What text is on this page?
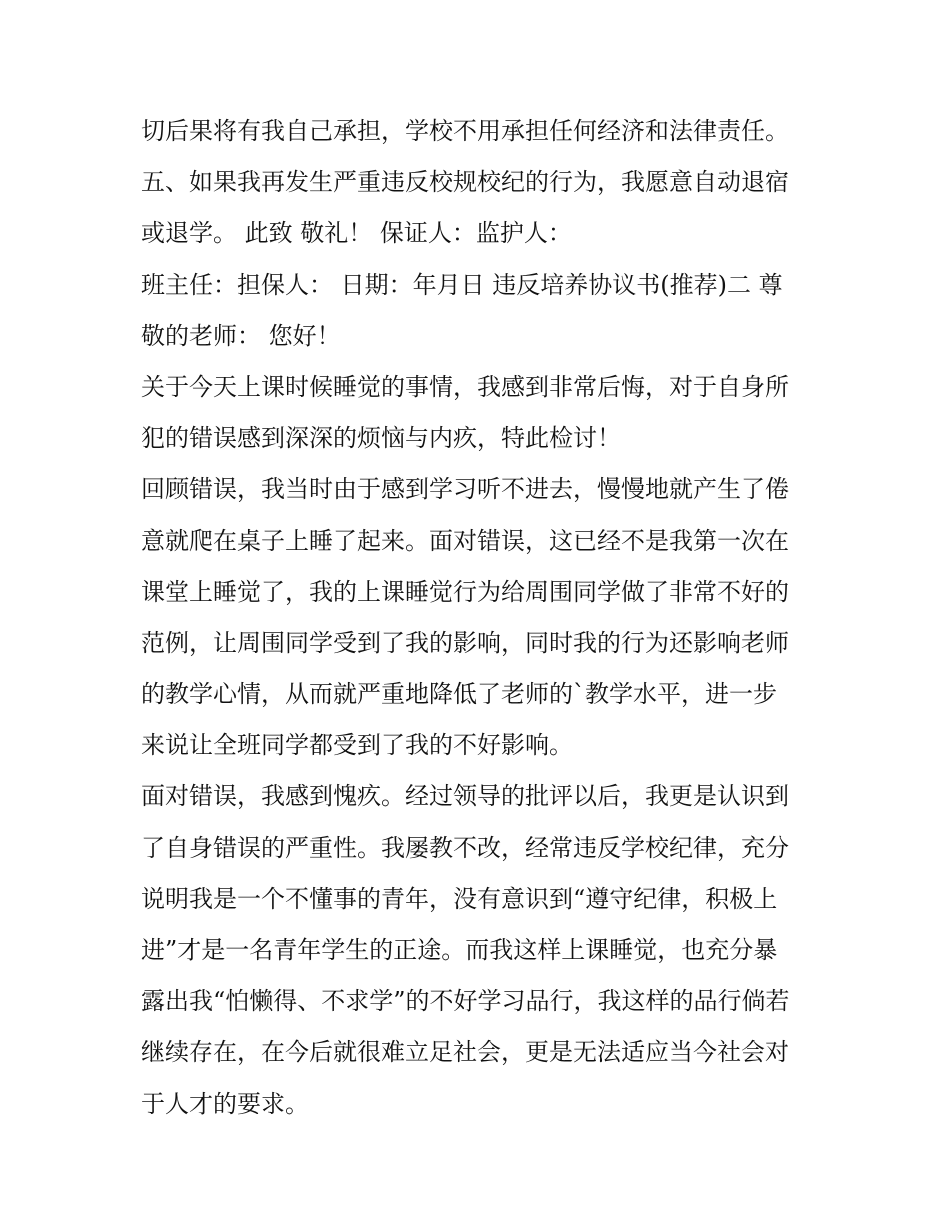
切后果将有我自己承担，学校不用承担任何经济和法律责任。
五、如果我再发生严重违反校规校纪的行为，我愿意自动退宿
或退学。 此致 敬礼！ 保证人：监护人：
班主任：担保人： 日期：年月日 违反培养协议书(推荐)二 尊
敬的老师： 您好！
关于今天上课时候睡觉的事情，我感到非常后悔，对于自身所
犯的错误感到深深的烦恼与内疚，特此检讨！
回顾错误，我当时由于感到学习听不进去，慢慢地就产生了倦
意就爬在桌子上睡了起来。面对错误，这已经不是我第一次在
课堂上睡觉了，我的上课睡觉行为给周围同学做了非常不好的
范例，让周围同学受到了我的影响，同时我的行为还影响老师
的教学心情，从而就严重地降低了老师的`教学水平，进一步
来说让全班同学都受到了我的不好影响。
面对错误，我感到愧疚。经过领导的批评以后，我更是认识到
了自身错误的严重性。我屡教不改，经常违反学校纪律，充分
说明我是一个不懂事的青年，没有意识到“遵守纪律，积极上
进”才是一名青年学生的正途。而我这样上课睡觉，也充分暴
露出我“怕懒得、不求学”的不好学习品行，我这样的品行倘若
继续存在，在今后就很难立足社会，更是无法适应当今社会对
于人才的要求。
